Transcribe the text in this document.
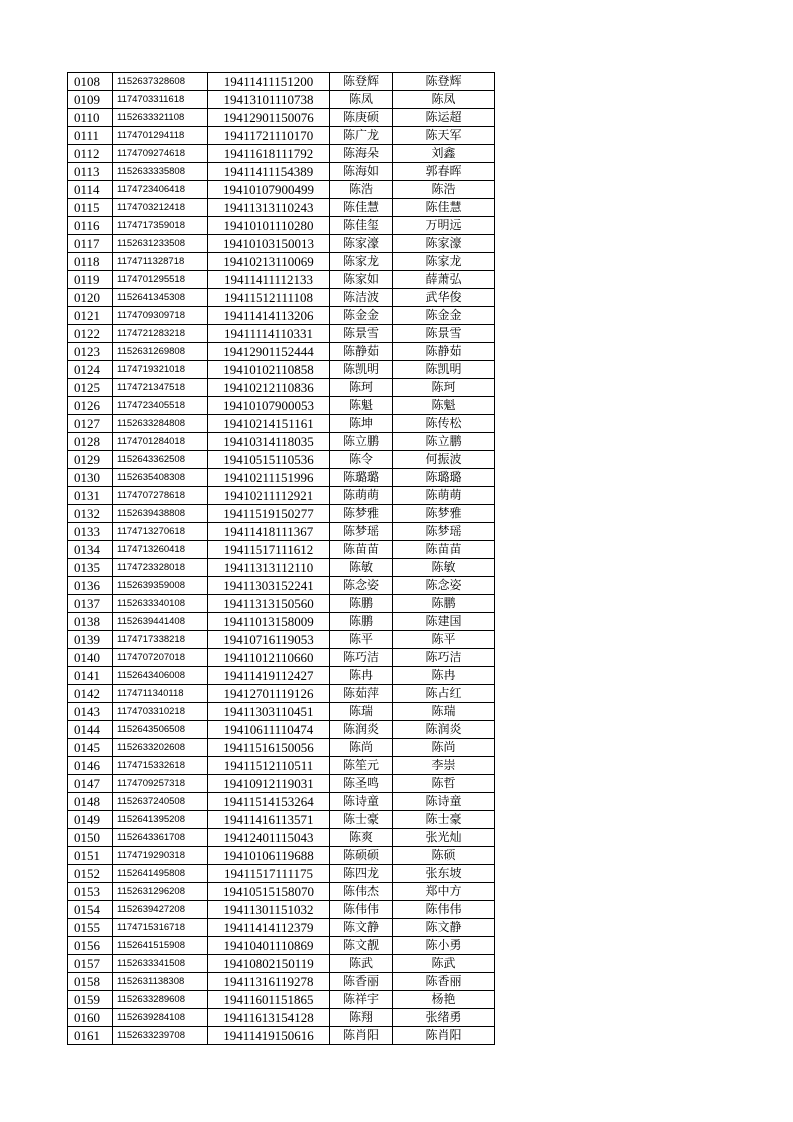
0108	1152637328608	19411411151200	陈登辉	陈登辉
0109	1174703311618	19413101110738	陈凤	陈凤
0110	1152633321108	19412901150076	陈庚硕	陈运超
0111	1174701294118	19411721110170	陈广龙	陈天军
0112	1174709274618	19411618111792	陈海朵	刘鑫
0113	1152633335808	19411411154389	陈海如	郭春晖
0114	1174723406418	19410107900499	陈浩	陈浩
0115	1174703212418	19411313110243	陈佳慧	陈佳慧
0116	1174717359018	19410101110280	陈佳玺	万明远
0117	1152631233508	19410103150013	陈家濠	陈家濠
0118	1174711328718	19410213110069	陈家龙	陈家龙
0119	1174701295518	19411411112133	陈家如	薛萧弘
0120	1152641345308	19411512111108	陈洁波	武华俊
0121	1174709309718	19411414113206	陈金金	陈金金
0122	1174721283218	19411114110331	陈景雪	陈景雪
0123	1152631269808	19412901152444	陈静茹	陈静茹
0124	1174719321018	19410102110858	陈凯明	陈凯明
0125	1174721347518	19410212110836	陈珂	陈珂
0126	1174723405518	19410107900053	陈魁	陈魁
0127	1152633284808	19410214151161	陈坤	陈传松
0128	1174701284018	19410314118035	陈立鹏	陈立鹏
0129	1152643362508	19410515110536	陈令	何振波
0130	1152635408308	19410211151996	陈璐璐	陈璐璐
0131	1174707278618	19410211112921	陈萌萌	陈萌萌
0132	1152639438808	19411519150277	陈梦雅	陈梦雅
0133	1174713270618	19411418111367	陈梦瑶	陈梦瑶
0134	1174713260418	19411517111612	陈苗苗	陈苗苗
0135	1174723328018	19411313112110	陈敏	陈敏
0136	1152639359008	19411303152241	陈念姿	陈念姿
0137	1152633340108	19411313150560	陈鹏	陈鹏
0138	1152639441408	19411013158009	陈鹏	陈建国
0139	1174717338218	19410716119053	陈平	陈平
0140	1174707207018	19411012110660	陈巧洁	陈巧洁
0141	1152643406008	19411419112427	陈冉	陈冉
0142	1174711340118	19412701119126	陈茹萍	陈占红
0143	1174703310218	19411303110451	陈瑞	陈瑞
0144	1152643506508	19410611110474	陈润炎	陈润炎
0145	1152633202608	19411516150056	陈尚	陈尚
0146	1174715332618	19411512110511	陈笙元	李崇
0147	1174709257318	19410912119031	陈圣鸣	陈哲
0148	1152637240508	19411514153264	陈诗童	陈诗童
0149	1152641395208	19411416113571	陈士豪	陈士豪
0150	1152643361708	19412401115043	陈爽	张光灿
0151	1174719290318	19410106119688	陈硕硕	陈硕
0152	1152641495808	19411517111175	陈四龙	张东坡
0153	1152631296208	19410515158070	陈伟杰	郑中方
0154	1152639427208	19411301151032	陈伟伟	陈伟伟
0155	1174715316718	19411414112379	陈文静	陈文静
0156	1152641515908	19410401110869	陈文靓	陈小勇
0157	1152633341508	19410802150119	陈武	陈武
0158	1152631138308	19411316119278	陈香丽	陈香丽
0159	1152633289608	19411601151865	陈祥宇	杨艳
0160	1152639284108	19411613154128	陈翔	张绪勇
0161	1152633239708	19411419150616	陈肖阳	陈肖阳
